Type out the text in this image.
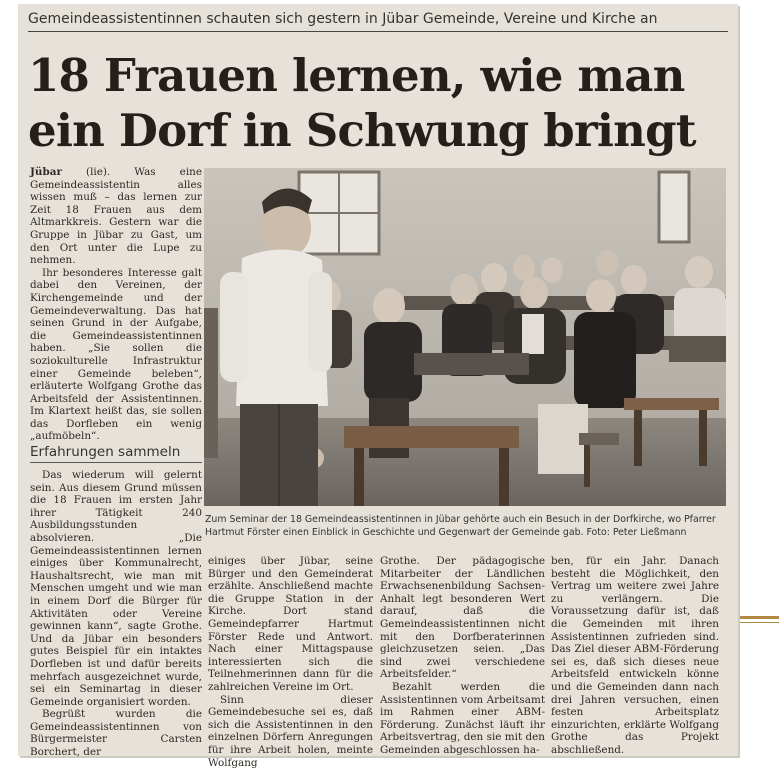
Gemeindeassistentinnen schauten sich gestern in Jübar Gemeinde, Vereine und Kirche an
18 Frauen lernen, wie man ein Dorf in Schwung bringt

Jübar (lie). Was eine Gemeindeassistentin alles wissen muß – das lernen zur Zeit 18 Frauen aus dem Altmarkkreis. Gestern war die Gruppe in Jübar zu Gast, um den Ort unter die Lupe zu nehmen.

Ihr besonderes Interesse galt dabei den Vereinen, der Kirchengemeinde und der Gemeindeverwaltung. Das hat seinen Grund in der Aufgabe, die Gemeindeassistentinnen haben. „Sie sollen die soziokulturelle Infrastruktur einer Gemeinde beleben“, erläuterte Wolfgang Grothe das Arbeitsfeld der Assistentinnen. Im Klartext heißt das, sie sollen das Dorfleben ein wenig „aufmöbeln“.

Erfahrungen sammeln

Das wiederum will gelernt sein. Aus diesem Grund müssen die 18 Frauen im ersten Jahr ihrer Tätigkeit 240 Ausbildungsstunden absolvieren. „Die Gemeindeassistentinnen lernen einiges über Kommunalrecht, Haushaltsrecht, wie man mit Menschen umgeht und wie man in einem Dorf die Bürger für Aktivitäten oder Vereine gewinnen kann“, sagte Grothe. Und da Jübar ein besonders gutes Beispiel für ein intaktes Dorfleben ist und dafür bereits mehrfach ausgezeichnet wurde, sei ein Seminartag in dieser Gemeinde organisiert worden.

Begrüßt wurden die Gemeindeassistentinnen von Bürgermeister Carsten Borchert, der

Zum Seminar der 18 Gemeindeassistentinnen in Jübar gehörte auch ein Besuch in der Dorfkirche, wo Pfarrer Hartmut Förster einen Einblick in Geschichte und Gegenwart der Gemeinde gab. Foto: Peter Ließmann

einiges über Jübar, seine Bürger und den Gemeinderat erzählte. Anschließend machte die Gruppe Station in der Kirche. Dort stand Gemeindepfarrer Hartmut Förster Rede und Antwort. Nach einer Mittagspause interessierten sich die Teilnehmerinnen dann für die zahlreichen Vereine im Ort.

Sinn dieser Gemeindebesuche sei es, daß sich die Assistentinnen in den einzelnen Dörfern Anregungen für ihre Arbeit holen, meinte Wolfgang

Grothe. Der pädagogische Mitarbeiter der Ländlichen Erwachsenenbildung Sachsen-Anhalt legt besonderen Wert darauf, daß die Gemeindeassistentinnen nicht mit den Dorfberaterinnen gleichzusetzen seien. „Das sind zwei verschiedene Arbeitsfelder.“

Bezahlt werden die Assistentinnen vom Arbeitsamt im Rahmen einer ABM-Förderung. Zunächst läuft ihr Arbeitsvertrag, den sie mit den Gemeinden abgeschlossen ha-

ben, für ein Jahr. Danach besteht die Möglichkeit, den Vertrag um weitere zwei Jahre zu verlängern. Die Voraussetzung dafür ist, daß die Gemeinden mit ihren Assistentinnen zufrieden sind. Das Ziel dieser ABM-Förderung sei es, daß sich dieses neue Arbeitsfeld entwickeln könne und die Gemeinden dann nach drei Jahren versuchen, einen festen Arbeitsplatz einzurichten, erklärte Wolfgang Grothe das Projekt abschließend.
